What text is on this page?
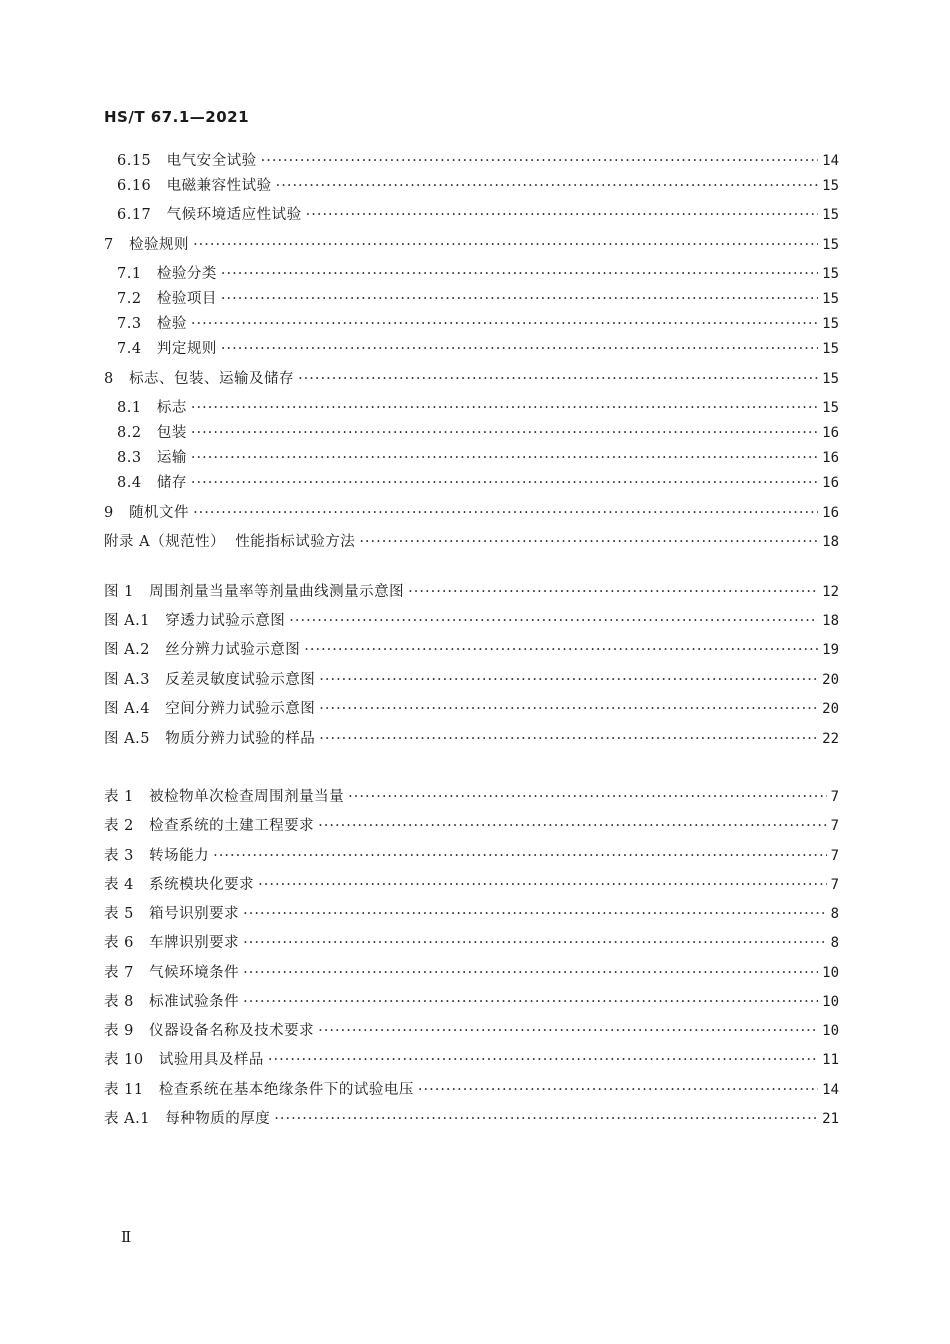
HS/T 67.1—2021
6.15 电气安全试验 ·····	14
6.16 电磁兼容性试验 ·····	15
6.17 气候环境适应性试验 ·····	15
7 检验规则 ·····	15
7.1 检验分类 ·····	15
7.2 检验项目 ·····	15
7.3 检验 ·····	15
7.4 判定规则 ·····	15
8 标志、包装、运输及储存 ·····	15
8.1 标志 ·····	15
8.2 包装 ·····	16
8.3 运输 ·····	16
8.4 储存 ·····	16
9 随机文件 ·····	16
附录 A（规范性） 性能指标试验方法 ·····	18
图 1 周围剂量当量率等剂量曲线测量示意图 ·····	12
图 A.1 穿透力试验示意图 ·····	18
图 A.2 丝分辨力试验示意图 ·····	19
图 A.3 反差灵敏度试验示意图 ·····	20
图 A.4 空间分辨力试验示意图 ·····	20
图 A.5 物质分辨力试验的样品 ·····	22
表 1 被检物单次检查周围剂量当量 ·····	7
表 2 检查系统的土建工程要求 ·····	7
表 3 转场能力 ·····	7
表 4 系统模块化要求 ·····	7
表 5 箱号识别要求 ·····	8
表 6 车牌识别要求 ·····	8
表 7 气候环境条件 ·····	10
表 8 标准试验条件 ·····	10
表 9 仪器设备名称及技术要求 ·····	10
表 10 试验用具及样品 ·····	11
表 11 检查系统在基本绝缘条件下的试验电压 ·····	14
表 A.1 每种物质的厚度 ·····	21
Ⅱ
